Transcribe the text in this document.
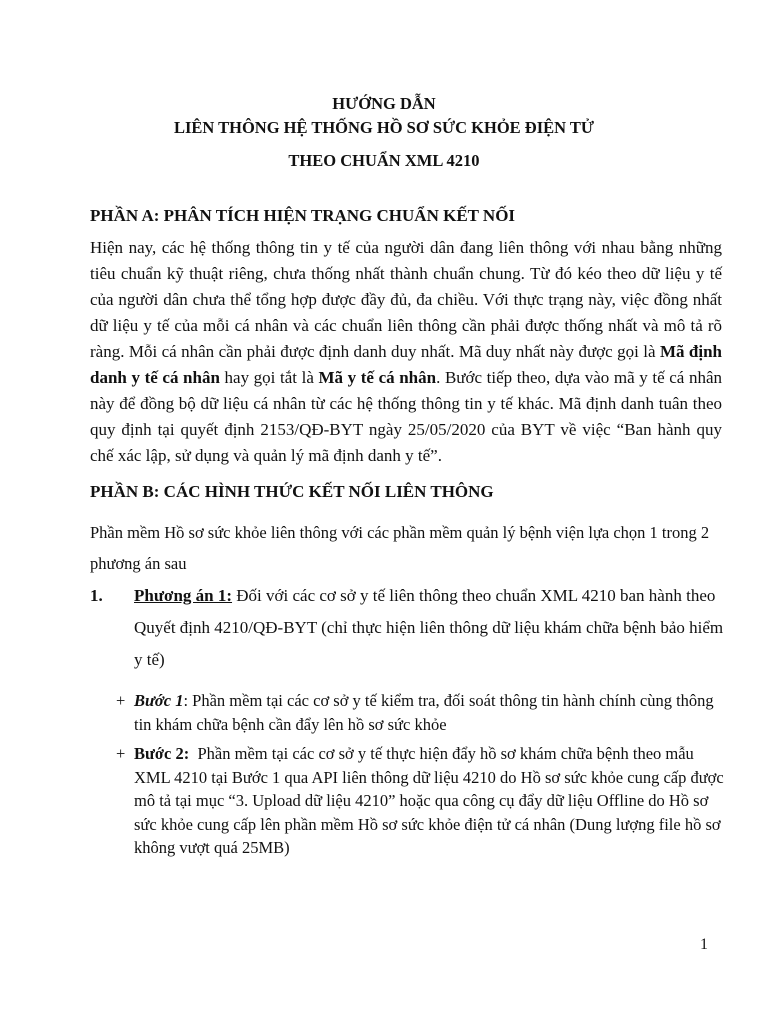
HƯỚNG DẪN
LIÊN THÔNG HỆ THỐNG HỒ SƠ SỨC KHỎE ĐIỆN TỬ
THEO CHUẨN XML 4210
PHẦN A: PHÂN TÍCH HIỆN TRẠNG CHUẨN KẾT NỐI

Hiện nay, các hệ thống thông tin y tế của người dân đang liên thông với nhau bằng những tiêu chuẩn kỹ thuật riêng, chưa thống nhất thành chuẩn chung. Từ đó kéo theo dữ liệu y tế của người dân chưa thể tổng hợp được đầy đủ, đa chiều. Với thực trạng này, việc đồng nhất dữ liệu y tế của mỗi cá nhân và các chuẩn liên thông cần phải được thống nhất và mô tả rõ ràng. Mỗi cá nhân cần phải được định danh duy nhất. Mã duy nhất này được gọi là Mã định danh y tế cá nhân hay gọi tắt là Mã y tế cá nhân. Bước tiếp theo, dựa vào mã y tế cá nhân này để đồng bộ dữ liệu cá nhân từ các hệ thống thông tin y tế khác. Mã định danh tuân theo quy định tại quyết định 2153/QĐ-BYT ngày 25/05/2020 của BYT về việc “Ban hành quy chế xác lập, sử dụng và quản lý mã định danh y tế”.

PHẦN B: CÁC HÌNH THỨC KẾT NỐI LIÊN THÔNG

Phần mềm Hồ sơ sức khỏe liên thông với các phần mềm quản lý bệnh viện lựa chọn 1 trong 2 phương án sau

1. Phương án 1: Đối với các cơ sở y tế liên thông theo chuẩn XML 4210 ban hành theo Quyết định 4210/QĐ-BYT (chỉ thực hiện liên thông dữ liệu khám chữa bệnh bảo hiểm y tế)
+ Bước 1: Phần mềm tại các cơ sở y tế kiểm tra, đối soát thông tin hành chính cùng thông tin khám chữa bệnh cần đẩy lên hồ sơ sức khỏe
+ Bước 2:  Phần mềm tại các cơ sở y tế thực hiện đẩy hồ sơ khám chữa bệnh theo mẫu XML 4210 tại Bước 1 qua API liên thông dữ liệu 4210 do Hồ sơ sức khỏe cung cấp được mô tả tại mục “3. Upload dữ liệu 4210” hoặc qua công cụ đẩy dữ liệu Offline do Hồ sơ sức khỏe cung cấp lên phần mềm Hồ sơ sức khỏe điện tử cá nhân (Dung lượng file hồ sơ không vượt quá 25MB)
1
